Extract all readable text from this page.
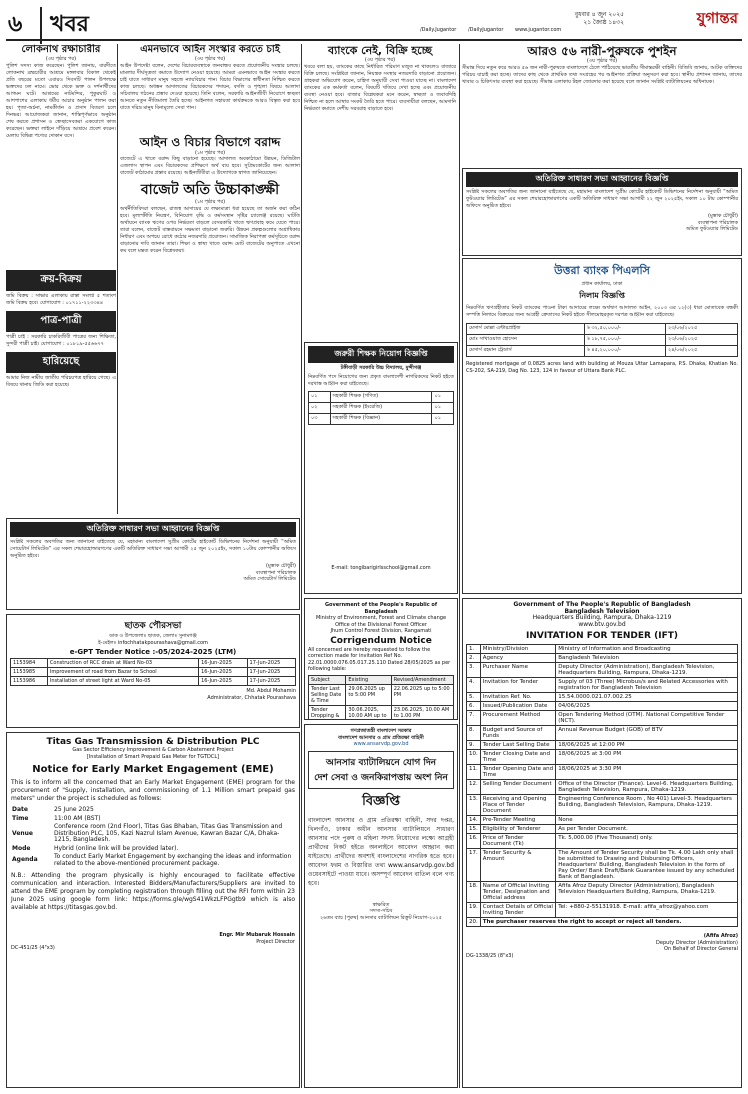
৬	খবর	বুধবার ৪ জুন ২০২৫
২১ জ্যৈষ্ঠ ১৪৩২	যুগান্তর
/Daily.Jugantor /DailyJugantor www.jugantor.com
লোকনাথ রক্ষাচারীর
(৩য় পৃষ্ঠার পর)
পুলিশ সদস্য কাজ করেছেন। পুলিশ জানায়, বারদীতে লোকনাথ ব্রহ্মচারীর আশ্রমে মঙ্গলবার বিকাল থেকেই প্রতি বছরের মতো এবারও দিবসটি পালন উপলক্ষে ভক্তদের ঢল নামে। ভোর থেকে ভক্ত ও দর্শনার্থীদের আগমন ঘটে। আশ্রমের নাটমন্দির, পুকুরঘাট ও আশপাশের এলাকায় ধর্মীয় আচার অনুষ্ঠান পালন করা হয়। পূজা-অর্চনা, নামকীর্তন ও প্রসাদ বিতরণ চলে দিনভর। আয়োজকরা জানান, শান্তিপূর্ণভাবে অনুষ্ঠান শেষ করতে প্রশাসন ও স্বেচ্ছাসেবকরা একযোগে কাজ করেছেন। ভক্তরা লাইনে দাঁড়িয়ে আশ্রমে প্রবেশ করেন। মেলায় বিভিন্ন পণ্যের দোকান বসে।
ক্রয়-বিক্রয়
জমি বিক্রয় : সাভার এলাকায় রাস্তা সংলগ্ন ৫ শতাংশ জমি বিক্রয় হবে। যোগাযোগ : ০১৭১১-২২৩৩৪৪
পাত্র-পাত্রী
পাত্রী চাই : সরকারি চাকরিজীবী পাত্রের জন্য শিক্ষিতা, সুন্দরী পাত্রী চাই। যোগাযোগ : ০১৮১৯-৫৫৬৬৭৭
হারিয়েছে
আমার নিজ নামীয় জাতীয় পরিচয়পত্র হারিয়ে গেছে। এ বিষয়ে থানায় জিডি করা হয়েছে।
এমনভাবে আইন সংস্কার করতে চাই
(৩য় পৃষ্ঠার পর)
আইন উপদেষ্টা বলেন, দেশের বিচারব্যবস্থাকে জনবান্ধব করতে প্রয়োজনীয় সংস্কার চলছে। মামলার দীর্ঘসূত্রতা কমাতে উদ্যোগ নেওয়া হয়েছে। আমরা এমনভাবে আইন সংস্কার করতে চাই যাতে সাধারণ মানুষ সহজে ন্যায়বিচার পান। বিচার বিভাগের স্বাধীনতা নিশ্চিত করতে কাজ চলছে। অধস্তন আদালতের বিচারকদের পদায়ন, বদলি ও শৃঙ্খলা বিষয়ে আলাদা সচিবালয় গঠনের প্রস্তাব দেওয়া হয়েছে। তিনি বলেন, সরকারি আইনজীবী নিয়োগে স্বচ্ছতা আনতে নতুন নীতিমালা তৈরি হচ্ছে। আইনগত সহায়তা কার্যক্রমকে আরও বিস্তৃত করা হবে যাতে দরিদ্র মানুষ বিনামূল্যে সেবা পান।
আইন ও বিচার বিভাগে বরাদ্দ
(১ম পৃষ্ঠার পর)
বাজেটে এ খাতে বরাদ্দ কিছু বাড়ানো হয়েছে। আদালত অবকাঠামো উন্নয়ন, ডিজিটাল এজলাস স্থাপন এবং বিচারকদের প্রশিক্ষণে অর্থ ব্যয় হবে। সুপ্রিমকোর্টের জন্য আলাদা বাজেট কাঠামোর প্রস্তাব রয়েছে। আইনজীবীরা এ উদ্যোগকে স্বাগত জানিয়েছেন।
বাজেট অতি উচ্চাকাঙ্ক্ষী
(১ম পৃষ্ঠার পর)
অর্থনীতিবিদরা বলছেন, রাজস্ব আদায়ের যে লক্ষ্যমাত্রা ধরা হয়েছে তা অর্জন করা কঠিন হবে। মূল্যস্ফীতি নিয়ন্ত্রণ, বিনিয়োগ বৃদ্ধি ও কর্মসংস্থান সৃষ্টির চ্যালেঞ্জ রয়েছে। ঘাটতি অর্থায়নে ব্যাংক ঋণের ওপর নির্ভরতা বাড়লে বেসরকারি খাতে ঋণপ্রবাহ কমে যেতে পারে। তারা বলেন, বাজেট বাস্তবায়নে সক্ষমতা বাড়ানো জরুরি। উন্নয়ন প্রকল্পগুলোর অগ্রাধিকার নির্ধারণ এবং অপচয় রোধে কঠোর নজরদারি প্রয়োজন। সামাজিক নিরাপত্তা কর্মসূচিতে বরাদ্দ বাড়ানোর দাবি জানান তারা। শিক্ষা ও স্বাস্থ্য খাতে বরাদ্দ মোট বাজেটের অনুপাতে এখনো কম বলে মন্তব্য করেন বিশ্লেষকরা।
ব্যাংকে নেই, বিক্রি হচ্ছে
(৩য় পৃষ্ঠার পর)
খবরে বলা হয়, ব্যাংকের কাছে নির্ধারিত পরিমাণ মজুত না থাকলেও বাজারে বিক্রি চলছে। সংশ্লিষ্টরা জানান, নিয়ন্ত্রক সংস্থার নজরদারি বাড়ানো প্রয়োজন। গ্রাহকরা অভিযোগ করেন, চাহিদা অনুযায়ী সেবা পাওয়া যাচ্ছে না। বাংলাদেশ ব্যাংকের এক কর্মকর্তা বলেন, বিষয়টি খতিয়ে দেখা হচ্ছে এবং প্রয়োজনীয় ব্যবস্থা নেওয়া হবে। বাজার বিশ্লেষকরা মনে করেন, স্বচ্ছতা ও জবাবদিহি নিশ্চিত না হলে আস্থার সংকট তৈরি হতে পারে। ব্যবসায়ীরা বলছেন, আমদানি নির্ভরতা কমাতে দেশীয় সরবরাহ বাড়াতে হবে।
আরও ৫৬ নারী-পুরুষকে পুশইন
(৩য় পৃষ্ঠার পর)
সীমান্ত দিয়ে নতুন করে আরও ৫৬ জন নারী-পুরুষকে বাংলাদেশে ঠেলে পাঠিয়েছে ভারতীয় সীমান্তরক্ষী বাহিনী। বিজিবি জানায়, আটক ব্যক্তিদের পরিচয় যাচাই করা হচ্ছে। তাদের কাছ থেকে প্রাথমিক তথ্য সংগ্রহের পর আইনগত প্রক্রিয়া অনুসরণ করা হবে। স্থানীয় প্রশাসন জানায়, তাদের খাবার ও চিকিৎসার ব্যবস্থা করা হয়েছে। সীমান্ত এলাকায় টহল জোরদার করা হয়েছে বলে জানান সংশ্লিষ্ট ব্যাটালিয়নের অধিনায়ক।
অতিরিক্ত সাধারণ সভা আহ্বানের বিজ্ঞপ্তি
সংশ্লিষ্ট সকলের অবগতির জন্য জানানো যাইতেছে যে, মহামান্য বাংলাদেশ সুপ্রীম কোর্টের হাইকোর্ট ডিভিশনের নির্দেশনা অনুযায়ী “অমিত ফুটওয়্যার লিমিটেড” এর সকল শেয়ারহোল্ডারগণের একটি অতিরিক্ত সাধারণ সভা আগামী ২২ জুন ২০২৫ইং, সকাল ১০ টায় কোম্পানীর অফিসে অনুষ্ঠিত হইবে।
(মুস্তাক চৌধুরী)
ব্যবস্থাপনা পরিচালক
অমিত ফুটওয়্যার লিমিটেড
উত্তরা ব্যাংক পিএলসি
প্রধান কার্যালয়, ঢাকা
নিলাম বিজ্ঞপ্তি
নিম্নবর্ণিত ঋণগ্রহীতার নিকট ব্যাংকের পাওনা টাকা আদায়ের লক্ষ্যে অর্থঋণ আদালত আইন, ২০০৩ এর ১২(৩) ধারা মোতাবেক বন্ধকী সম্পত্তি নিলামে বিক্রয়ের জন্য আগ্রহী ক্রেতাদের নিকট হইতে সীলমোহরকৃত দরপত্র আহ্বান করা যাইতেছে।
মেসার্স মোল্লা এন্টারপ্রাইজ	৳ ৩২,৫০,০০০/-	২৩/০৬/২০২৫
মোঃ সাখাওয়াত হোসেন	৳ ১৮,৭৫,০০০/-	২৩/০৬/২০২৫
মেসার্স রহমান ট্রেডার্স	৳ ৪৫,২০,০০০/-	২৪/০৬/২০২৫
Registered mortgage of 0.0825 acres land with building at Mouza Uttar Lamapara, P.S. Dhaka, Khatian No. CS-202, SA-219, Dag No. 123, 124 in favour of Uttara Bank PLC.
অতিরিক্ত সাধারণ সভা আহ্বানের বিজ্ঞপ্তি
সংশ্লিষ্ট সকলের অবগতির জন্য জানানো যাইতেছে যে, মহামান্য বাংলাদেশ সুপ্রীম কোর্টের হাইকোর্ট ডিভিশনের নির্দেশনা অনুযায়ী “অমিত সোয়েটার্স লিমিটেড” এর সকল শেয়ারহোল্ডারগণের একটি অতিরিক্ত সাধারণ সভা আগামী ২৫ জুন ২০২৫ইং, সকাল ১০টায় কোম্পানীর অফিসে অনুষ্ঠিত হইবে।
(মুস্তাক চৌধুরী)
ব্যবস্থাপনা পরিচালক
অমিত সোয়েটার্স লিমিটেড
জরুরী শিক্ষক নিয়োগ বিজ্ঞপ্তি
টঙ্গীবাড়ী সরকারি উচ্চ বিদ্যালয়, মুন্সীগঞ্জ
নিম্নবর্ণিত পদে নিয়োগের জন্য প্রকৃত বাংলাদেশী নাগরিকদের নিকট হইতে দরখাস্ত আহ্বান করা যাইতেছে।
০১	সহকারী শিক্ষক (গণিত)	০১
০২	সহকারী শিক্ষক (ইংরেজি)	০১
০৩	সহকারী শিক্ষক (বিজ্ঞান)	০১
E-mail: tongibarigirlsschool@gmail.com
Government of the People's Republic of Bangladesh
Ministry of Environment, Forest and Climate change
Office of the Divisional Forest Officer
Jhum Control Forest Division, Rangamati
Corrigendum Notice
All concerned are hereby requested to follow the correction made for invitation Ref No. 22.01.0000.076.05.017.25.110 Dated 28/05/2025 as per following table:
Subject	Existing	Revised/Amendment
Tender Last Selling Date & Time	29.06.2025 up to 5:00 PM	22.06.2025 up to 5:00 PM
Tender Dropping &	30.06.2025, 10.00 AM up to	23.06.2025, 10.00 AM to 1.00 PM

গণপ্রজাতন্ত্রী বাংলাদেশ সরকার
বাংলাদেশ আনসার ও গ্রাম প্রতিরক্ষা বাহিনী
www.ansarvdp.gov.bd
আনসার ব্যাটালিয়নে যোগ দিন
দেশ সেবা ও জনকিরাপত্তায় অংশ নিন
বিজ্ঞপ্তি
বাংলাদেশ আনসার ও গ্রাম প্রতিরক্ষা বাহিনী, সদর দপ্তর, খিলগাঁও, ঢাকার অধীন আনসার ব্যাটালিয়নে সাধারণ আনসার পদে পুরুষ ও মহিলা সদস্য নিয়োগের লক্ষ্যে আগ্রহী প্রার্থীদের নিকট হইতে অনলাইনে আবেদন আহ্বান করা যাইতেছে। প্রার্থীদের অবশ্যই বাংলাদেশের নাগরিক হতে হবে। আবেদন ফরম ও বিস্তারিত তথ্য www.ansarvdp.gov.bd ওয়েবসাইটে পাওয়া যাবে। অসম্পূর্ণ আবেদন বাতিল বলে গণ্য হবে।
স্বাক্ষরিত
সদস্য-সচিব
২৬তম ব্যাচ (পুরুষ) আনসার ব্যাটালিয়ন রিক্রুট নিয়োগ-২০২৫
ছাতক পৌরসভা
ডাক ও উপজেলাঃ ছাতক, জেলাঃ সুনামগঞ্জ
ই-মেইলঃ infochhatakpourashava@gmail.com
e-GPT Tender Notice :-05/2024-2025 (LTM)
1153984	Construction of RCC drain at Ward No-03	16-Jun-2025	17-Jun-2025
1153985	Improvement of road from Bazar to School	16-Jun-2025	17-Jun-2025
1153986	Installation of street light at Ward No-05	16-Jun-2025	17-Jun-2025
Md. Abdul Mohamin
Administrator, Chhatak Pourashava
Titas Gas Transmission & Distribution PLC
Gas Sector Efficiency Improvement & Carbon Abatement Project
[Installation of Smart Prepaid Gas Meter for TGTDCL]
Notice for Early Market Engagement (EME)
This is to inform all the concerned that an Early Market Engagement (EME) program for the procurement of "Supply, installation, and commissioning of 1.1 Million smart prepaid gas meters" under the project is scheduled as follows:
Date	25 June 2025
Time	11:00 AM (BST)
Venue	Conference room (2nd Floor), Titas Gas Bhaban, Titas Gas Transmission and Distribution PLC, 105, Kazi Nazrul Islam Avenue, Kawran Bazar C/A, Dhaka-1215, Bangladesh.
Mode	Hybrid (online link will be provided later).
Agenda	To conduct Early Market Engagement by exchanging the ideas and information related to the above-mentioned procurement package.
N.B.: Attending the program physically is highly encouraged to facilitate effective communication and interaction. Interested Bidders/Manufacturers/Suppliers are invited to attend the EME program by completing registration through filling out the RFI form within 23 June 2025 using google form link: https://forms.gle/wgS41WkzLFPGgtb9 which is also available at https://titasgas.gov.bd.
Engr. Mir Mubaruk Hossain
Project Director
DC-451/25 (4"x3)
Government of The People's Republic of Bangladesh
Bangladesh Television
Headquarters Building, Rampura, Dhaka-1219
www.btv.gov.bd
INVITATION FOR TENDER (IFT)
1.	Ministry/Division	Ministry of Information and Broadcasting
2.	Agency	Bangladesh Television
3.	Purchaser Name	Deputy Director (Administration), Bangladesh Television, Headquarters Building, Rampura, Dhaka-1219.
4.	Invitation for Tender	Supply of 03 (Three) Microbus/s and Related Accessories with registration for Bangladesh Television
5.	Invitation Ref. No.	15.54.0000.021.07.002.25
6.	Issued/Publication Date	04/06/2025
7.	Procurement Method	Open Tendering Method (OTM). National Competitive Tender (NCT).
8.	Budget and Source of Funds	Annual Revenue Budget (GOB) of BTV
9.	Tender Last Selling Date	18/06/2025 at 12:00 PM
10.	Tender Closing Date and Time	18/06/2025 at 3:00 PM
11.	Tender Opening Date and Time	18/06/2025 at 3:30 PM
12.	Selling Tender Document	Office of the Director (Finance). Level-6. Headquarters Building, Bangladesh Television, Rampura, Dhaka-1219.
13.	Receiving and Opening Place of Tender Document	Engineering Conference Room , No 401) Level-3. Headquarters Building, Bangladesh Television, Rampura, Dhaka-1219.
14.	Pre-Tender Meeting	None
15.	Eligibility of Tenderer	As per Tender Document.
16.	Price of Tender Document (Tk)	Tk. 5,000.00 (Five Thousand) only.
17.	Tender Security & Amount	The Amount of Tender Security shall be Tk. 4.00 Lakh only shall be submitted to Drawing and Disbursing Officers, Headquarters' Building, Bangladesh Television in the form of Pay Order/ Bank Draft/Bank Guarantee issued by any scheduled Bank of Bangladesh.
18.	Name of Official Inviting Tender, Designation and Official address	Afifa Afroz Deputy Director (Administration), Bangladesh Television Headquarters Building, Rampura, Dhaka-1219.
19.	Contact Details of Official Inviting Tender	Tel: +880-2-55131918. E-mail: afifa_afroz@yahoo.com
20.	The purchaser reserves the right to accept or reject all tenders.	
(Afifa Afroz)
Deputy Director (Administration)
On Behalf of Director General
DG-1338/25 (8"x3)
